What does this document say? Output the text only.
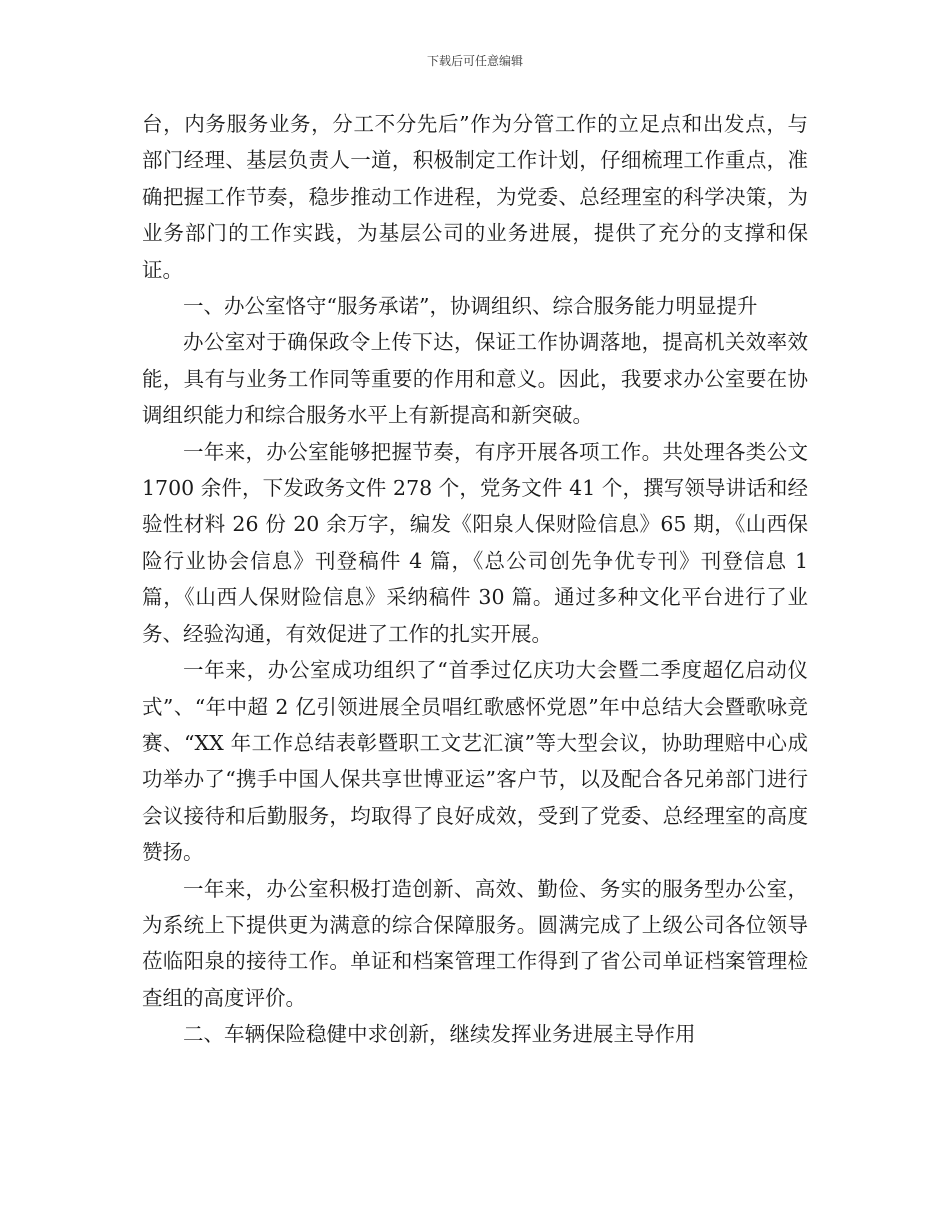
下载后可任意编辑

台，内务服务业务，分工不分先后”作为分管工作的立足点和出发点，与部门经理、基层负责人一道，积极制定工作计划，仔细梳理工作重点，准确把握工作节奏，稳步推动工作进程，为党委、总经理室的科学决策，为业务部门的工作实践，为基层公司的业务进展，提供了充分的支撑和保证。

一、办公室恪守“服务承诺”，协调组织、综合服务能力明显提升

办公室对于确保政令上传下达，保证工作协调落地，提高机关效率效能，具有与业务工作同等重要的作用和意义。因此，我要求办公室要在协调组织能力和综合服务水平上有新提高和新突破。

一年来，办公室能够把握节奏，有序开展各项工作。共处理各类公文 1700 余件，下发政务文件 278 个，党务文件 41 个，撰写领导讲话和经验性材料 26 份 20 余万字，编发《阳泉人保财险信息》65 期，《山西保险行业协会信息》刊登稿件 4 篇，《总公司创先争优专刊》刊登信息 1 篇，《山西人保财险信息》采纳稿件 30 篇。通过多种文化平台进行了业务、经验沟通，有效促进了工作的扎实开展。

一年来，办公室成功组织了“首季过亿庆功大会暨二季度超亿启动仪式”、“年中超 2 亿引领进展全员唱红歌感怀党恩”年中总结大会暨歌咏竞赛、“XX 年工作总结表彰暨职工文艺汇演”等大型会议，协助理赔中心成功举办了“携手中国人保共享世博亚运”客户节，以及配合各兄弟部门进行会议接待和后勤服务，均取得了良好成效，受到了党委、总经理室的高度赞扬。

一年来，办公室积极打造创新、高效、勤俭、务实的服务型办公室，为系统上下提供更为满意的综合保障服务。圆满完成了上级公司各位领导莅临阳泉的接待工作。单证和档案管理工作得到了省公司单证档案管理检查组的高度评价。

二、车辆保险稳健中求创新，继续发挥业务进展主导作用
